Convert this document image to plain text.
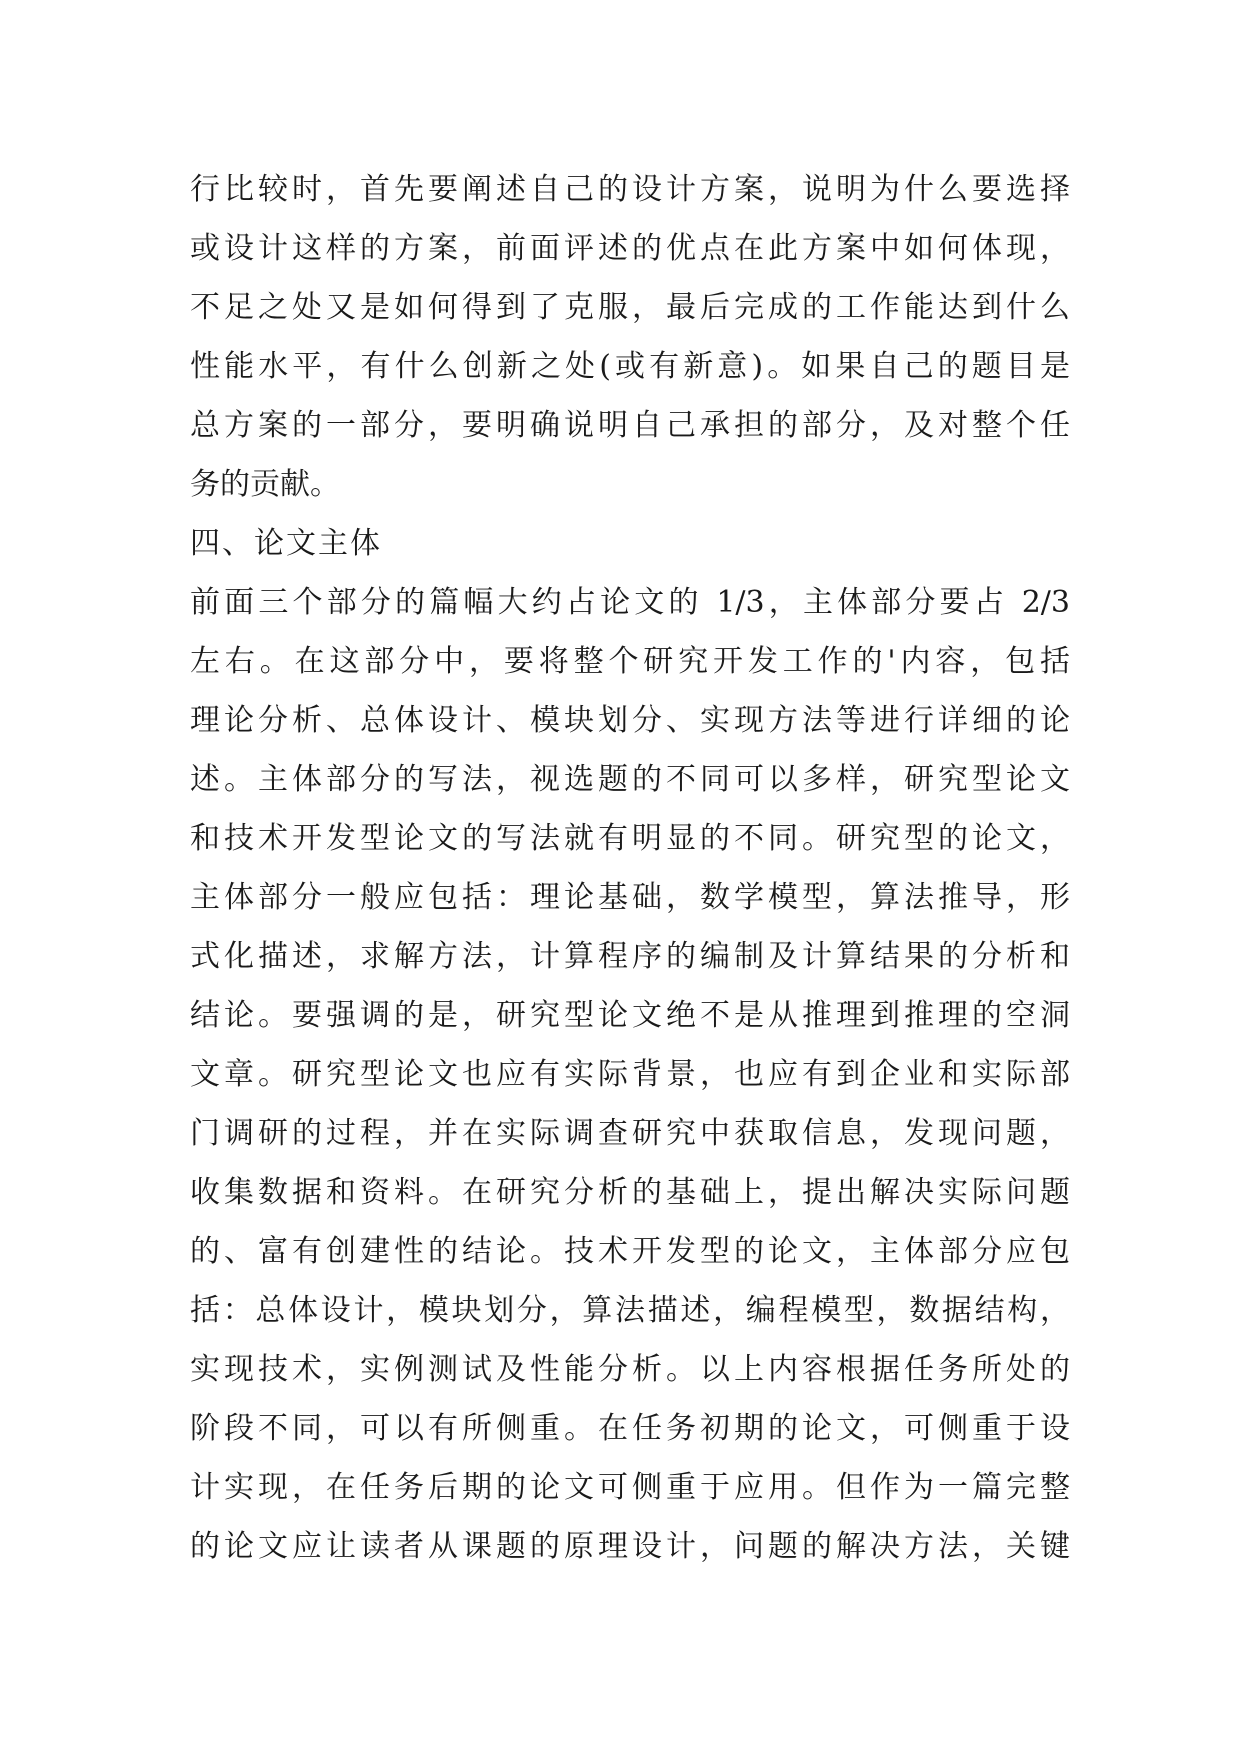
行比较时，首先要阐述自己的设计方案，说明为什么要选择
或设计这样的方案，前面评述的优点在此方案中如何体现，
不足之处又是如何得到了克服，最后完成的工作能达到什么
性能水平，有什么创新之处(或有新意)。如果自己的题目是
总方案的一部分，要明确说明自己承担的部分，及对整个任
务的贡献。
四、论文主体
前面三个部分的篇幅大约占论文的 1/3，主体部分要占 2/3
左右。在这部分中，要将整个研究开发工作的'内容，包括
理论分析、总体设计、模块划分、实现方法等进行详细的论
述。主体部分的写法，视选题的不同可以多样，研究型论文
和技术开发型论文的写法就有明显的不同。研究型的论文，
主体部分一般应包括：理论基础，数学模型，算法推导，形
式化描述，求解方法，计算程序的编制及计算结果的分析和
结论。要强调的是，研究型论文绝不是从推理到推理的空洞
文章。研究型论文也应有实际背景，也应有到企业和实际部
门调研的过程，并在实际调查研究中获取信息，发现问题，
收集数据和资料。在研究分析的基础上，提出解决实际问题
的、富有创建性的结论。技术开发型的论文，主体部分应包
括：总体设计，模块划分，算法描述，编程模型，数据结构，
实现技术，实例测试及性能分析。以上内容根据任务所处的
阶段不同，可以有所侧重。在任务初期的论文，可侧重于设
计实现，在任务后期的论文可侧重于应用。但作为一篇完整
的论文应让读者从课题的原理设计，问题的解决方法，关键
